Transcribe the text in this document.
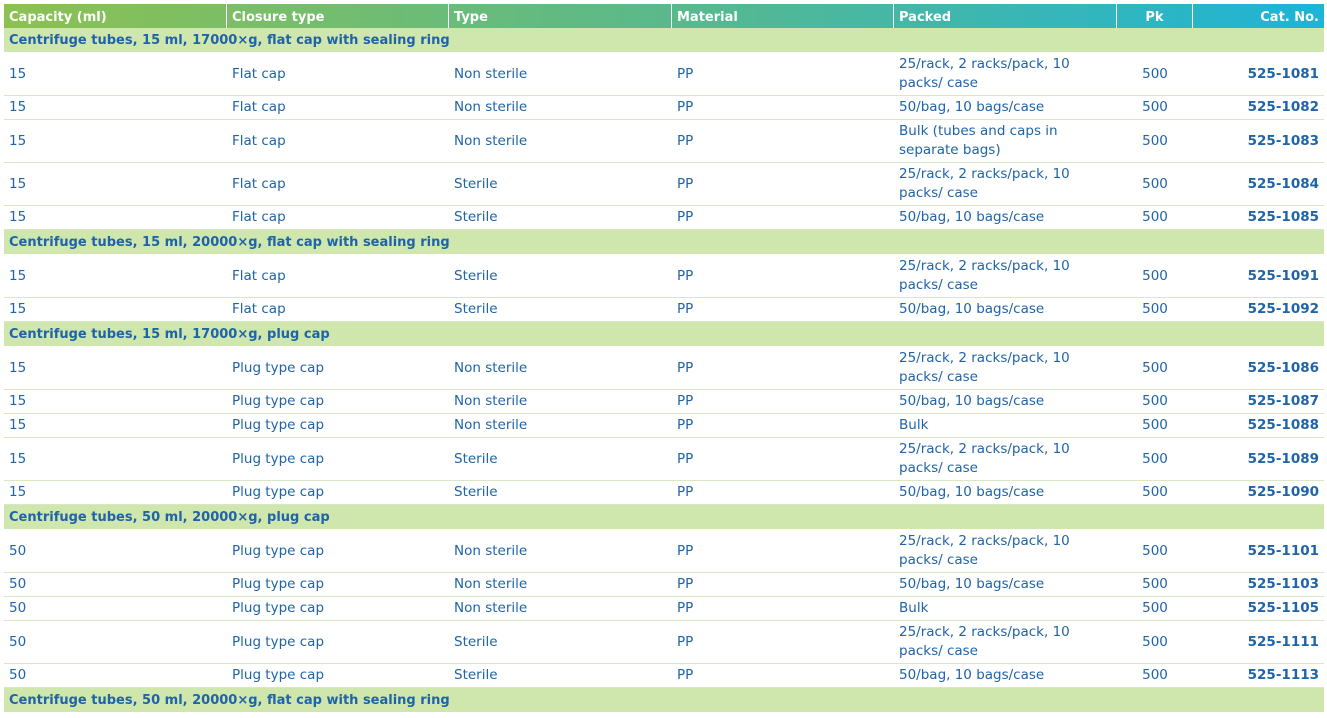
Capacity (ml)	Closure type	Type	Material	Packed	Pk	Cat. No.
Centrifuge tubes, 15 ml, 17000×g, flat cap with sealing ring						
15	Flat cap	Non sterile	PP	25/rack, 2 racks/pack, 10 packs/ case	500	525-1081
15	Flat cap	Non sterile	PP	50/bag, 10 bags/case	500	525-1082
15	Flat cap	Non sterile	PP	Bulk (tubes and caps in separate bags)	500	525-1083
15	Flat cap	Sterile	PP	25/rack, 2 racks/pack, 10 packs/ case	500	525-1084
15	Flat cap	Sterile	PP	50/bag, 10 bags/case	500	525-1085
Centrifuge tubes, 15 ml, 20000×g, flat cap with sealing ring						
15	Flat cap	Sterile	PP	25/rack, 2 racks/pack, 10 packs/ case	500	525-1091
15	Flat cap	Sterile	PP	50/bag, 10 bags/case	500	525-1092
Centrifuge tubes, 15 ml, 17000×g, plug cap						
15	Plug type cap	Non sterile	PP	25/rack, 2 racks/pack, 10 packs/ case	500	525-1086
15	Plug type cap	Non sterile	PP	50/bag, 10 bags/case	500	525-1087
15	Plug type cap	Non sterile	PP	Bulk	500	525-1088
15	Plug type cap	Sterile	PP	25/rack, 2 racks/pack, 10 packs/ case	500	525-1089
15	Plug type cap	Sterile	PP	50/bag, 10 bags/case	500	525-1090
Centrifuge tubes, 50 ml, 20000×g, plug cap						
50	Plug type cap	Non sterile	PP	25/rack, 2 racks/pack, 10 packs/ case	500	525-1101
50	Plug type cap	Non sterile	PP	50/bag, 10 bags/case	500	525-1103
50	Plug type cap	Non sterile	PP	Bulk	500	525-1105
50	Plug type cap	Sterile	PP	25/rack, 2 racks/pack, 10 packs/ case	500	525-1111
50	Plug type cap	Sterile	PP	50/bag, 10 bags/case	500	525-1113
Centrifuge tubes, 50 ml, 20000×g, flat cap with sealing ring						
